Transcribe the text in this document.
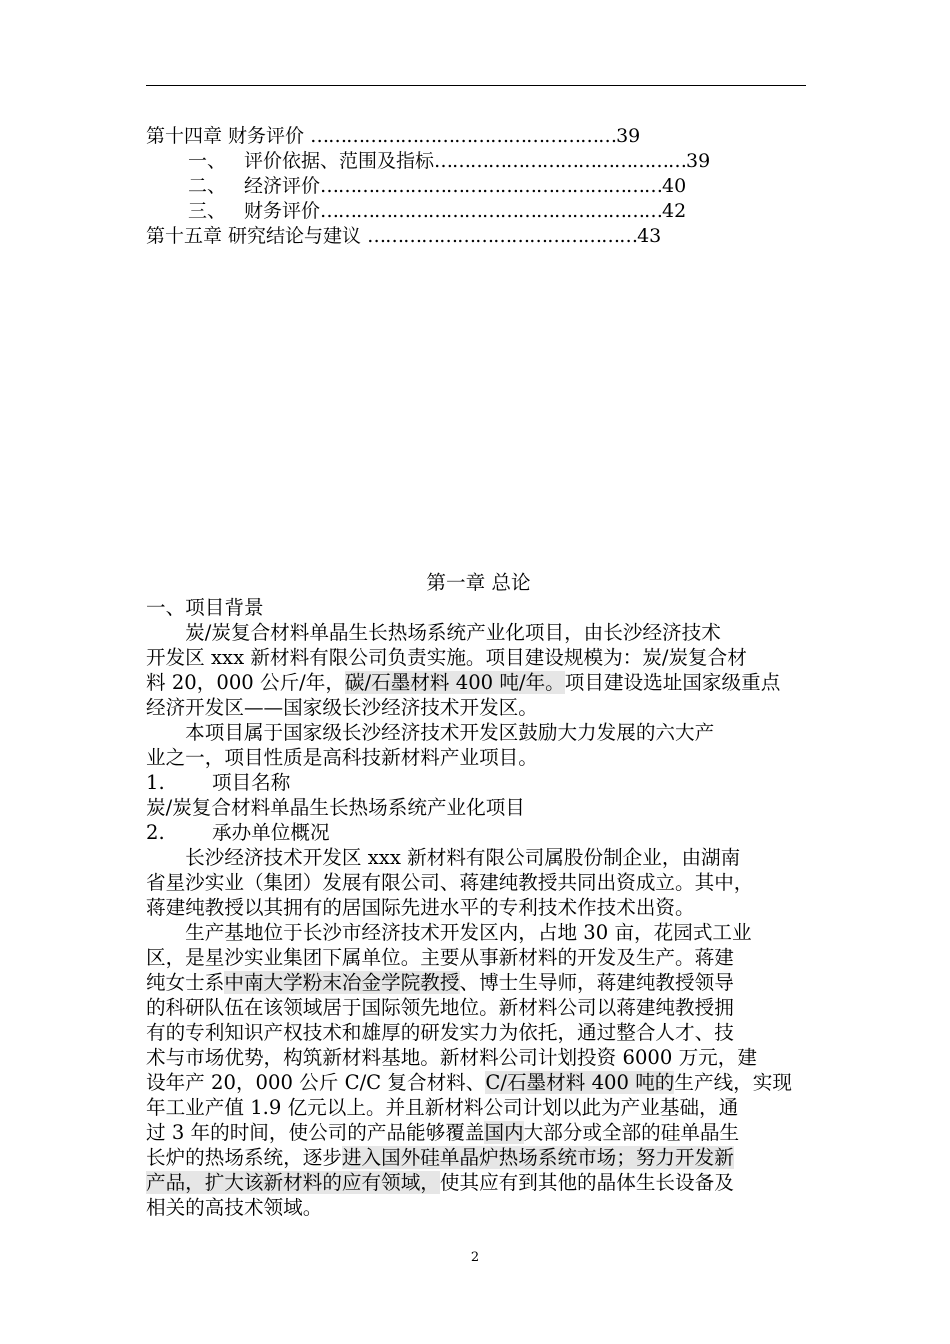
第十四章 财务评价 ……………………………………………39
一、 评价依据、范围及指标……………………………………39
二、 经济评价…………………………………………………40
三、 财务评价…………………………………………………42
第十五章 研究结论与建议 ………………………………………43
第一章 总论
一、项目背景
　　炭/炭复合材料单晶生长热场系统产业化项目，由长沙经济技术
开发区 xxx 新材料有限公司负责实施。项目建设规模为：炭/炭复合材
料 20，000 公斤/年，碳/石墨材料 400 吨/年。项目建设选址国家级重点
经济开发区——国家级长沙经济技术开发区。
　　本项目属于国家级长沙经济技术开发区鼓励大力发展的六大产
业之一，项目性质是高科技新材料产业项目。
1. 项目名称
炭/炭复合材料单晶生长热场系统产业化项目
2. 承办单位概况
　　长沙经济技术开发区 xxx 新材料有限公司属股份制企业，由湖南
省星沙实业（集团）发展有限公司、蒋建纯教授共同出资成立。其中，
蒋建纯教授以其拥有的居国际先进水平的专利技术作技术出资。
　　生产基地位于长沙市经济技术开发区内，占地 30 亩，花园式工业
区，是星沙实业集团下属单位。主要从事新材料的开发及生产。蒋建
纯女士系中南大学粉末冶金学院教授、博士生导师，蒋建纯教授领导
的科研队伍在该领域居于国际领先地位。新材料公司以蒋建纯教授拥
有的专利知识产权技术和雄厚的研发实力为依托，通过整合人才、技
术与市场优势，构筑新材料基地。新材料公司计划投资 6000 万元，建
设年产 20，000 公斤 C/C 复合材料、C/石墨材料 400 吨的生产线，实现
年工业产值 1.9 亿元以上。并且新材料公司计划以此为产业基础，通
过 3 年的时间，使公司的产品能够覆盖国内大部分或全部的硅单晶生
长炉的热场系统，逐步进入国外硅单晶炉热场系统市场；努力开发新
产品，扩大该新材料的应有领域，使其应有到其他的晶体生长设备及
相关的高技术领域。
2
